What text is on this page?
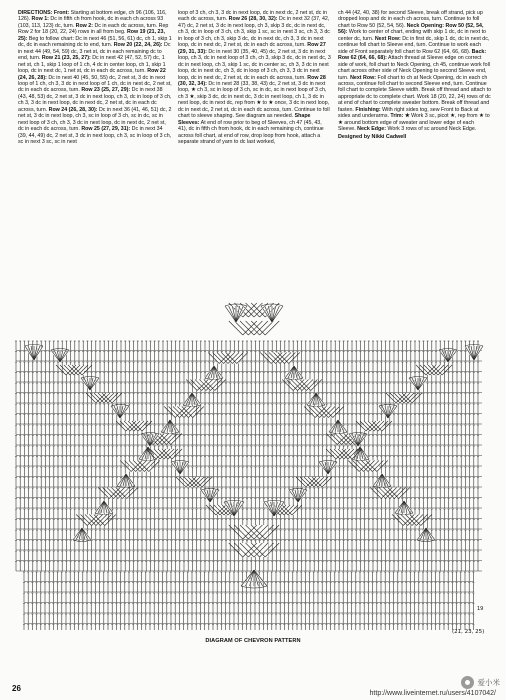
DIRECTIONS: Front: Starting at bottom edge, ch 96 (106, 116, 126). Row 1: Dc in fifth ch from hook, dc in each ch across 93 (103, 113, 123) dc, turn. Row 2: Dc in each dc across, turn. Rep Row 2 for 18 (20, 22, 24) rows in all from beg. Row 19 (21, 23, 25): Beg to follow chart: Dc in next 46 (51, 56, 61) dc, ch 1, skip 1 dc, dc in each remaining dc to end, turn. Row 20 (22, 24, 26): Dc in next 44 (49, 54, 59) dc, 3 net st, dc in each remaining dc to end, turn. Row 21 (23, 25, 27): Dc in next 42 (47, 52, 57) dc, 1 net st, ch 1, skip 1 loop of 1 ch, 4 dc in center loop, ch 1, skip 1 loop, dc in next dc, 1 net st, dc in each dc across, turn. Row 22 (24, 26, 28): Dc in next 40 (45, 50, 55) dc, 2 net st, 3 dc in next loop of 1 ch, ch 3, 3 dc in next loop of 1 ch, dc in next dc, 2 net st, dc in each dc across, turn. Row 23 (25, 27, 29): Dc in next 38 (43, 48, 53) dc, 2 net st, 3 dc in next loop, ch 3, dc in loop of 3 ch, ch 3, 3 dc in next loop, dc in next dc, 2 net st, dc in each dc across, turn. Row 24 (26, 28, 30): Dc in next 36 (41, 46, 51) dc, 2 net st, 3 dc in next loop, ch 3, sc in loop of 3 ch, sc in dc, sc in next loop of 3 ch, ch 3, 3 dc in next loop, dc in next dc, 2 net st, dc in each dc across, turn. Row 25 (27, 29, 31): Dc in next 34 (39, 44, 49) dc, 2 net st, 3 dc in next loop, ch 3, sc in loop of 3 ch, sc in next 3 sc, sc in next

loop of 3 ch, ch 3, 3 dc in next loop, dc in next dc, 2 net st, dc in each dc across, turn. Row 26 (28, 30, 32): Dc in next 32 (37, 42, 47) dc, 2 net st, 3 dc in next loop, ch 3, skip 3 dc, dc in next dc, ch 3, dc in loop of 3 ch, ch 3, skip 1 sc, sc in next 3 sc, ch 3, 3 dc in loop of 3 ch, ch 3, skip 3 dc, dc in next dc, ch 3, 3 dc in next loop, dc in next dc, 2 net st, dc in each dc across, turn. Row 27 (29, 31, 33): Dc in next 30 (35, 40, 45) dc, 2 net st, 3 dc in next loop, ch 3, dc in next loop of 3 ch, ch 3, skip 3 dc, dc in next dc, 3 dc in next loop, ch 3, skip 1 sc, dc in center sc, ch 3, 3 dc in next loop, dc in next dc, ch 3, dc in loop of 3 ch, ch 3, 3 dc in next loop, dc in next dc, 2 net st, dc in each dc across, turn. Row 28 (30, 32, 34): Dc in next 28 (33, 38, 43) dc, 2 net st, 3 dc in next loop, ★ ch 3, sc in loop of 3 ch, sc in dc, sc in next loop of 3 ch, ch 3 ★, skip 3 dc, dc in next dc, 3 dc in next loop, ch 1, 3 dc in next loop, dc in next dc, rep from ★ to ★ once, 3 dc in next loop, dc in next dc, 2 net st, dc in each dc across, turn. Continue to foll chart to sleeve shaping. See diagram as needed. Shape Sleeves: At end of row prior to beg of Sleeves, ch 47 (45, 43, 41), dc in fifth ch from hook, dc in each remaining ch, continue across foll chart, at end of row, drop loop from hook, attach a separate strand of yarn to dc last worked,

ch 44 (42, 40, 38) for second Sleeve, break off strand, pick up dropped loop and dc in each ch across, turn. Continue to foll chart to Row 50 (52, 54, 56). Neck Opening: Row 50 (52, 54, 56): Work to center of chart, ending with skip 1 dc, dc in next to center dc, turn. Next Row: Dc in first dc, skip 1 dc, dc in next dc, continue foll chart to Sleeve end, turn. Continue to work each side of Front separately foll chart to Row 62 (64, 66, 68). Back: Row 62 (64, 66, 68): Attach thread at Sleeve edge on correct side of work, foll chart to Neck Opening, ch 45, continue work foll chart across other side of Neck Opening to second Sleeve end, turn. Next Row: Foll chart to ch at Neck Opening, dc in each ch across, continue foll chart to second Sleeve end, turn. Continue foll chart to complete Sleeve width. Break off thread and attach to appropriate dc to complete chart. Work 18 (20, 22, 24) rows of dc at end of chart to complete sweater bottom. Break off thread and fasten. Finishing: With right sides tog, sew Front to Back at sides and underarms. Trim: ★ Work 3 sc, picot ★, rep from ★ to ★ around bottom edge of sweater and lower edge of each Sleeve. Neck Edge: Work 3 rows of sc around Neck Edge.

Designed by Nikki Cadwell
19
(21, 23, 25)
DIAGRAM OF CHEVRON PATTERN
26
爱小米
http://www.liveinternet.ru/users/4107042/
